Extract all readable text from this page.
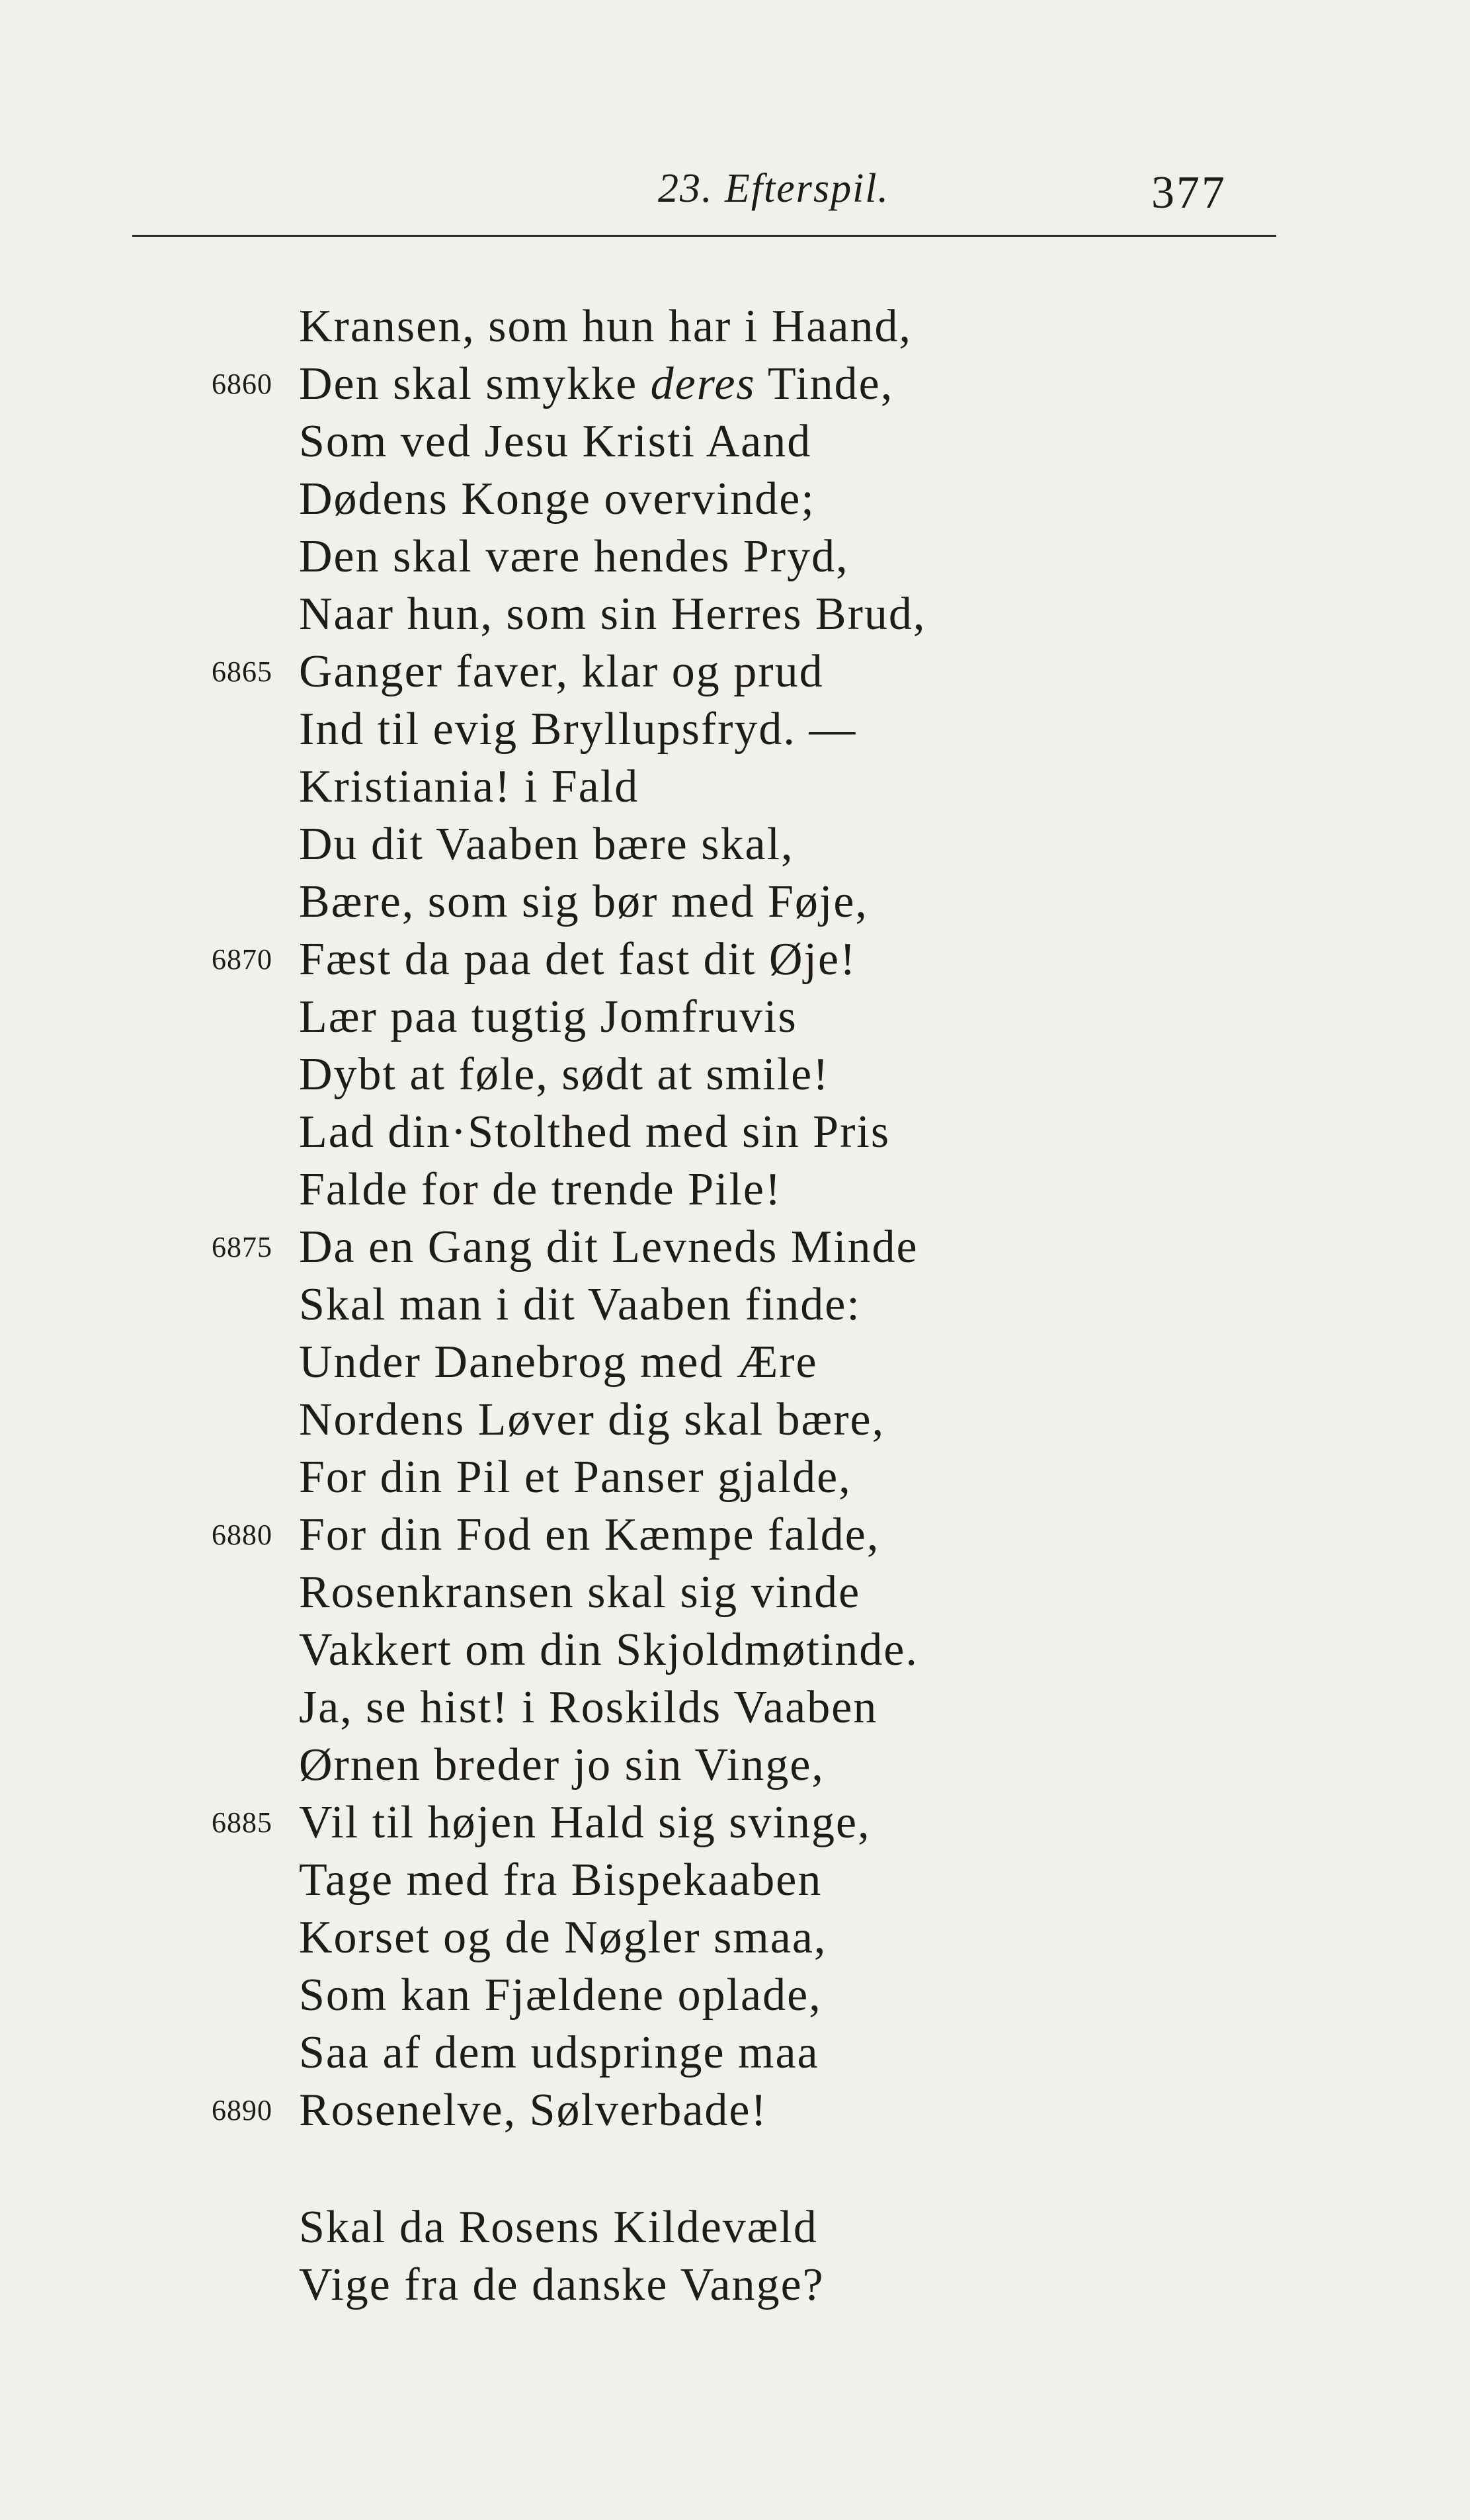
23. Efterspil.	377
Kransen, som hun har i Haand,
6860 Den skal smykke deres Tinde,
Som ved Jesu Kristi Aand
Dødens Konge overvinde;
Den skal være hendes Pryd,
Naar hun, som sin Herres Brud,
6865 Ganger faver, klar og prud
Ind til evig Bryllupsfryd. —
Kristiania! i Fald
Du dit Vaaben bære skal,
Bære, som sig bør med Føje,
6870 Fæst da paa det fast dit Øje!
Lær paa tugtig Jomfruvis
Dybt at føle, sødt at smile!
Lad din·Stolthed med sin Pris
Falde for de trende Pile!
6875 Da en Gang dit Levneds Minde
Skal man i dit Vaaben finde:
Under Danebrog med Ære
Nordens Løver dig skal bære,
For din Pil et Panser gjalde,
6880 For din Fod en Kæmpe falde,
Rosenkransen skal sig vinde
Vakkert om din Skjoldmøtinde.
Ja, se hist! i Roskilds Vaaben
Ørnen breder jo sin Vinge,
6885 Vil til højen Hald sig svinge,
Tage med fra Bispekaaben
Korset og de Nøgler smaa,
Som kan Fjældene oplade,
Saa af dem udspringe maa
6890 Rosenelve, Sølverbade!
Skal da Rosens Kildevæld
Vige fra de danske Vange?
